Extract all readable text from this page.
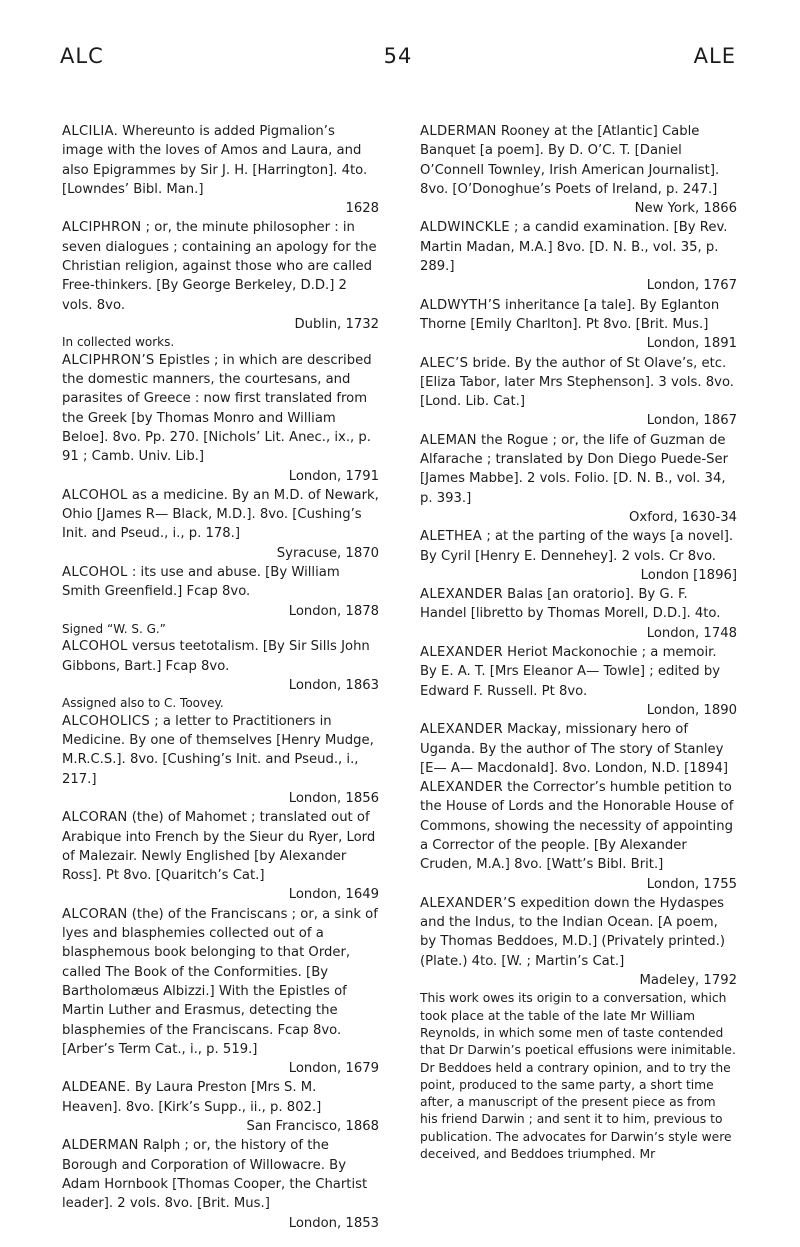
ALC	54	ALE

ALCILIA. Whereunto is added Pigmalion’s image with the loves of Amos and Laura, and also Epigrammes by Sir J. H. [Harrington]. 4to. [Lowndes’ Bibl. Man.]
1628

ALCIPHRON ; or, the minute philosopher : in seven dialogues ; containing an apology for the Christian religion, against those who are called Free-thinkers. [By George Berkeley, D.D.] 2 vols. 8vo.
Dublin, 1732
In collected works.

ALCIPHRON’S Epistles ; in which are described the domestic manners, the courtesans, and parasites of Greece : now first translated from the Greek [by Thomas Monro and William Beloe]. 8vo. Pp. 270. [Nichols’ Lit. Anec., ix., p. 91 ; Camb. Univ. Lib.]
London, 1791

ALCOHOL as a medicine. By an M.D. of Newark, Ohio [James R— Black, M.D.]. 8vo. [Cushing’s Init. and Pseud., i., p. 178.]
Syracuse, 1870

ALCOHOL : its use and abuse. [By William Smith Greenfield.] Fcap 8vo.
London, 1878
Signed “W. S. G.”

ALCOHOL versus teetotalism. [By Sir Sills John Gibbons, Bart.] Fcap 8vo.
London, 1863
Assigned also to C. Toovey.

ALCOHOLICS ; a letter to Practitioners in Medicine. By one of themselves [Henry Mudge, M.R.C.S.]. 8vo. [Cushing’s Init. and Pseud., i., 217.]
London, 1856

ALCORAN (the) of Mahomet ; translated out of Arabique into French by the Sieur du Ryer, Lord of Malezair. Newly Englished [by Alexander Ross]. Pt 8vo. [Quaritch’s Cat.]
London, 1649

ALCORAN (the) of the Franciscans ; or, a sink of lyes and blasphemies collected out of a blasphemous book belonging to that Order, called The Book of the Conformities. [By Bartholomæus Albizzi.] With the Epistles of Martin Luther and Erasmus, detecting the blasphemies of the Franciscans. Fcap 8vo. [Arber’s Term Cat., i., p. 519.]
London, 1679

ALDEANE. By Laura Preston [Mrs S. M. Heaven]. 8vo. [Kirk’s Supp., ii., p. 802.]
San Francisco, 1868

ALDERMAN Ralph ; or, the history of the Borough and Corporation of Willowacre. By Adam Hornbook [Thomas Cooper, the Chartist leader]. 2 vols. 8vo. [Brit. Mus.]
London, 1853

ALDERMAN Rooney at the [Atlantic] Cable Banquet [a poem]. By D. O’C. T. [Daniel O’Connell Townley, Irish American Journalist]. 8vo. [O’Donoghue’s Poets of Ireland, p. 247.]
New York, 1866

ALDWINCKLE ; a candid examination. [By Rev. Martin Madan, M.A.] 8vo. [D. N. B., vol. 35, p. 289.]
London, 1767

ALDWYTH’S inheritance [a tale]. By Eglanton Thorne [Emily Charlton]. Pt 8vo. [Brit. Mus.]
London, 1891

ALEC’S bride. By the author of St Olave’s, etc. [Eliza Tabor, later Mrs Stephenson]. 3 vols. 8vo. [Lond. Lib. Cat.]
London, 1867

ALEMAN the Rogue ; or, the life of Guzman de Alfarache ; translated by Don Diego Puede-Ser [James Mabbe]. 2 vols. Folio. [D. N. B., vol. 34, p. 393.]
Oxford, 1630-34

ALETHEA ; at the parting of the ways [a novel]. By Cyril [Henry E. Dennehey]. 2 vols. Cr 8vo.
London [1896]

ALEXANDER Balas [an oratorio]. By G. F. Handel [libretto by Thomas Morell, D.D.]. 4to.
London, 1748

ALEXANDER Heriot Mackonochie ; a memoir. By E. A. T. [Mrs Eleanor A— Towle] ; edited by Edward F. Russell. Pt 8vo.
London, 1890

ALEXANDER Mackay, missionary hero of Uganda. By the author of The story of Stanley [E— A— Macdonald]. 8vo. London, N.D. [1894]

ALEXANDER the Corrector’s humble petition to the House of Lords and the Honorable House of Commons, showing the necessity of appointing a Corrector of the people. [By Alexander Cruden, M.A.] 8vo. [Watt’s Bibl. Brit.]
London, 1755

ALEXANDER’S expedition down the Hydaspes and the Indus, to the Indian Ocean. [A poem, by Thomas Beddoes, M.D.] (Privately printed.) (Plate.) 4to. [W. ; Martin’s Cat.]
Madeley, 1792

This work owes its origin to a conversation, which took place at the table of the late Mr William Reynolds, in which some men of taste contended that Dr Darwin’s poetical effusions were inimitable. Dr Beddoes held a contrary opinion, and to try the point, produced to the same party, a short time after, a manuscript of the present piece as from his friend Darwin ; and sent it to him, previous to publication. The advocates for Darwin’s style were deceived, and Beddoes triumphed. Mr
